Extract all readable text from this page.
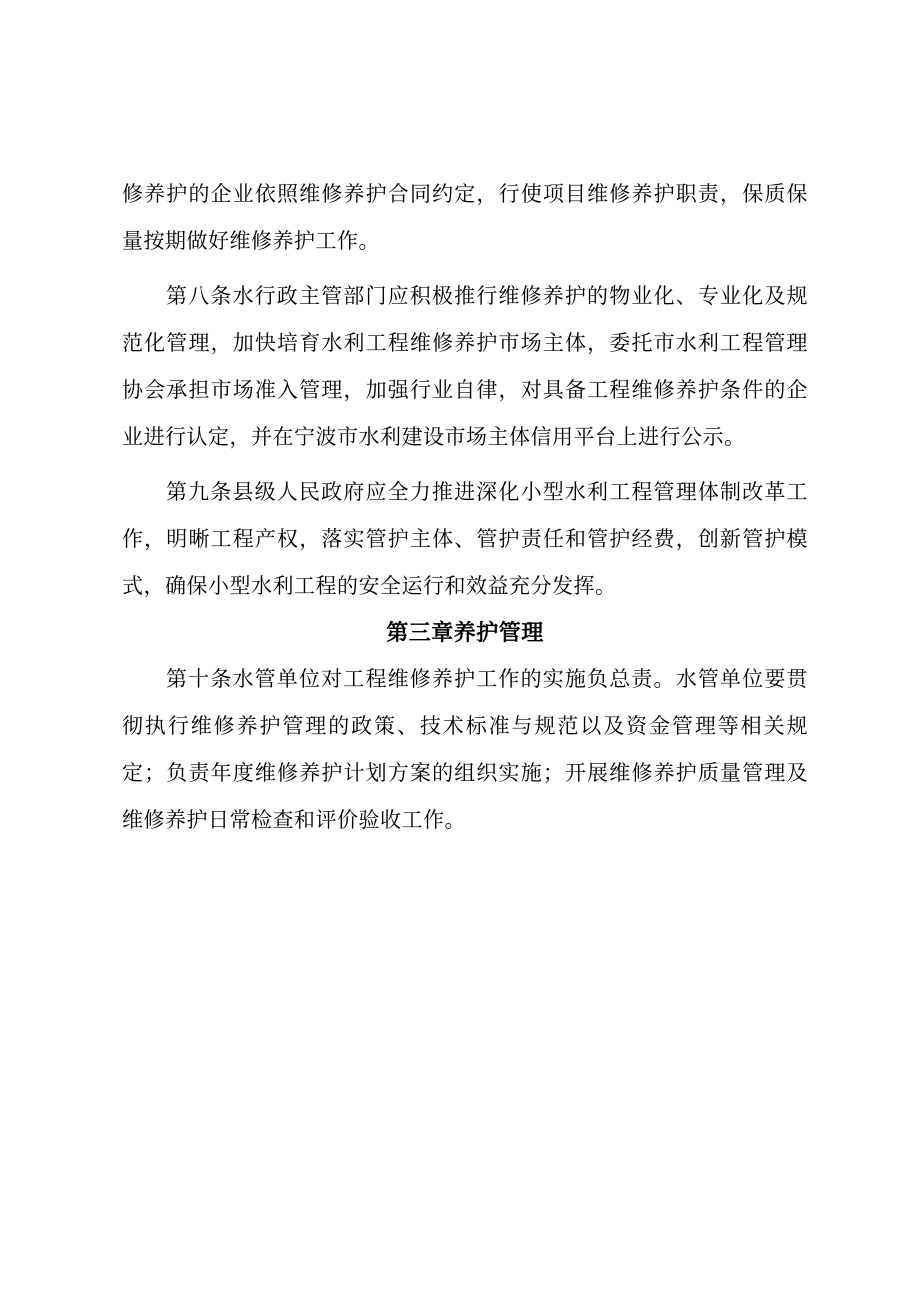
修养护的企业依照维修养护合同约定，行使项目维修养护职责，保质保量按期做好维修养护工作。

第八条水行政主管部门应积极推行维修养护的物业化、专业化及规范化管理，加快培育水利工程维修养护市场主体，委托市水利工程管理协会承担市场准入管理，加强行业自律，对具备工程维修养护条件的企业进行认定，并在宁波市水利建设市场主体信用平台上进行公示。

第九条县级人民政府应全力推进深化小型水利工程管理体制改革工作，明晰工程产权，落实管护主体、管护责任和管护经费，创新管护模式，确保小型水利工程的安全运行和效益充分发挥。

第三章养护管理

第十条水管单位对工程维修养护工作的实施负总责。水管单位要贯彻执行维修养护管理的政策、技术标准与规范以及资金管理等相关规定；负责年度维修养护计划方案的组织实施；开展维修养护质量管理及维修养护日常检查和评价验收工作。
